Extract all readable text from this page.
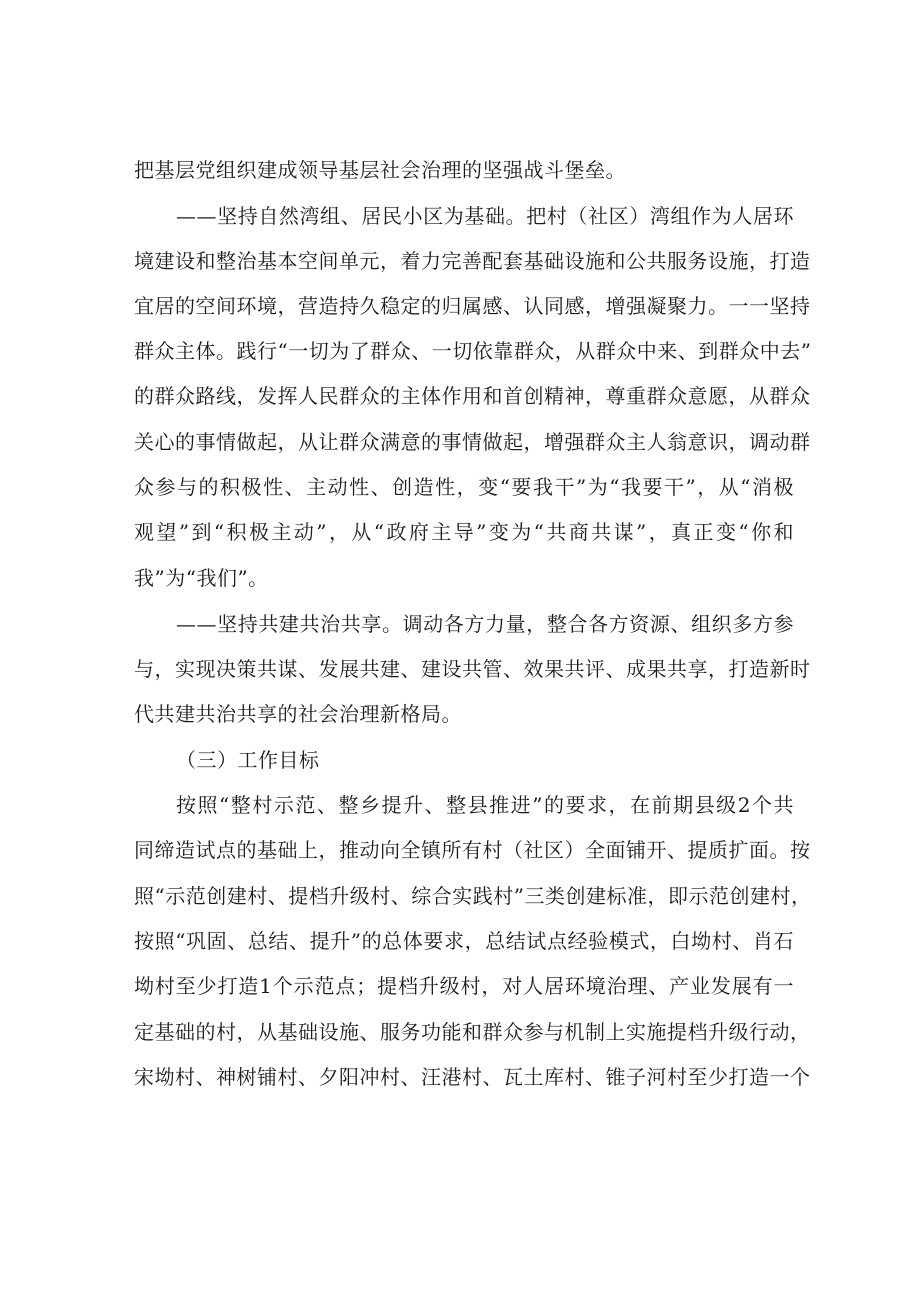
把基层党组织建成领导基层社会治理的坚强战斗堡垒。
——坚持自然湾组、居民小区为基础。把村（社区）湾组作为人居环
境建设和整治基本空间单元，着力完善配套基础设施和公共服务设施，打造
宜居的空间环境，营造持久稳定的归属感、认同感，增强凝聚力。一一坚持
群众主体。践行“一切为了群众、一切依靠群众，从群众中来、到群众中去”
的群众路线，发挥人民群众的主体作用和首创精神，尊重群众意愿，从群众
关心的事情做起，从让群众满意的事情做起，增强群众主人翁意识，调动群
众参与的积极性、主动性、创造性，变“要我干”为“我要干”，从“消极
观望”到“积极主动”，从“政府主导”变为“共商共谋”，真正变“你和
我”为“我们”。
——坚持共建共治共享。调动各方力量，整合各方资源、组织多方参
与，实现决策共谋、发展共建、建设共管、效果共评、成果共享，打造新时
代共建共治共享的社会治理新格局。
（三）工作目标
按照“整村示范、整乡提升、整县推进”的要求，在前期县级2个共
同缔造试点的基础上，推动向全镇所有村（社区）全面铺开、提质扩面。按
照“示范创建村、提档升级村、综合实践村”三类创建标准，即示范创建村，
按照“巩固、总结、提升”的总体要求，总结试点经验模式，白坳村、肖石
坳村至少打造1个示范点；提档升级村，对人居环境治理、产业发展有一
定基础的村，从基础设施、服务功能和群众参与机制上实施提档升级行动，
宋坳村、神树铺村、夕阳冲村、汪港村、瓦土库村、锥子河村至少打造一个
